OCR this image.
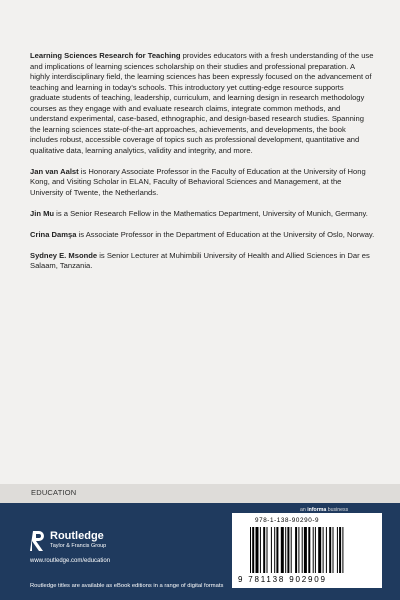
Learning Sciences Research for Teaching provides educators with a fresh understanding of the use and implications of learning sciences scholarship on their studies and professional preparation. A highly interdisciplinary field, the learning sciences has been expressly focused on the advancement of teaching and learning in today's schools. This introductory yet cutting-edge resource supports graduate students of teaching, leadership, curriculum, and learning design in research methodology courses as they engage with and evaluate research claims, integrate common methods, and understand experimental, case-based, ethnographic, and design-based research studies. Spanning the learning sciences state-of-the-art approaches, achievements, and developments, the book includes robust, accessible coverage of topics such as professional development, quantitative and qualitative data, learning analytics, validity and integrity, and more.

Jan van Aalst is Honorary Associate Professor in the Faculty of Education at the University of Hong Kong, and Visiting Scholar in ELAN, Faculty of Behavioral Sciences and Management, at the University of Twente, the Netherlands.

Jin Mu is a Senior Research Fellow in the Mathematics Department, University of Munich, Germany.

Crina Damşa is Associate Professor in the Department of Education at the University of Oslo, Norway.

Sydney E. Msonde is Senior Lecturer at Muhimbili University of Health and Allied Sciences in Dar es Salaam, Tanzania.

EDUCATION
Routledge
Taylor & Francis Group
www.routledge.com/education
Routledge titles are available as eBook editions in a range of digital formats
an informa business
978-1-138-90290-9
9 781138 902909
